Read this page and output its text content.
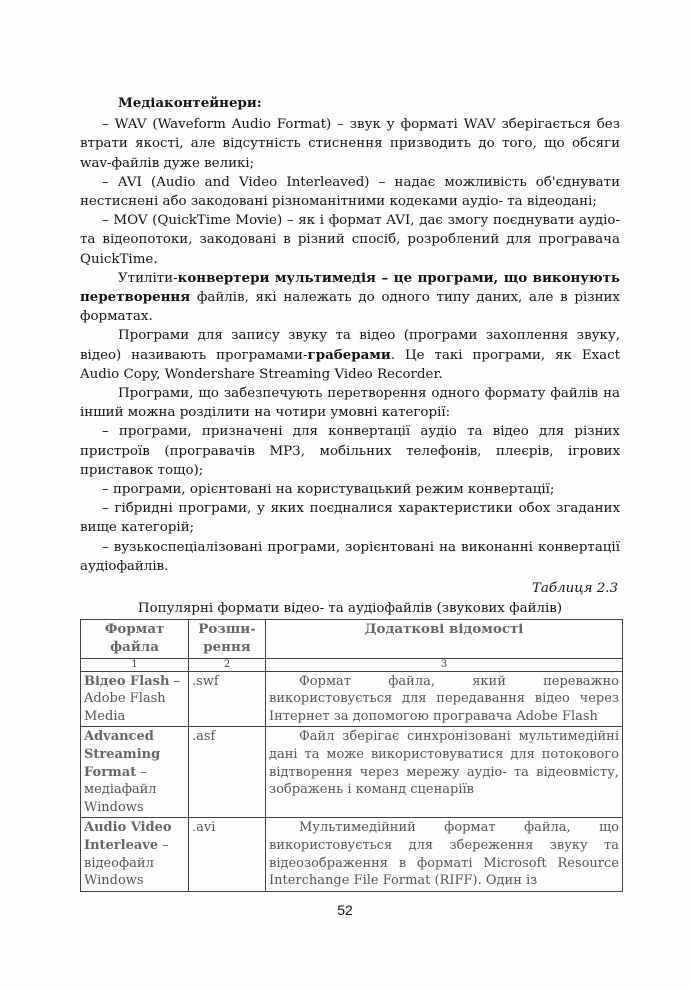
Медіаконтейнери:

– WAV (Waveform Audio Format) – звук у форматі WAV зберігається без втрати якості, але відсутність стиснення призводить до того, що обсяги wav-файлів дуже великі;

– AVI (Audio and Video Interleaved) – надає можливість об'єднувати нестиснені або закодовані різноманітними кодеками аудіо- та відеодані;

– MOV (QuickTime Movie) – як і формат AVI, дає змогу поєднувати аудіо- та відеопотоки, закодовані в різний спосіб, розроблений для програвача QuickTime.

Утиліти-конвертери мультимедія – це програми, що виконують перетворення файлів, які належать до одного типу даних, але в різних форматах.

Програми для запису звуку та відео (програми захоплення звуку, відео) називають програмами-граберами. Це такі програми, як Exact Audio Copy, Wondershare Streaming Video Recorder.

Програми, що забезпечують перетворення одного формату файлів на інший можна розділити на чотири умовні категорії:

– програми, призначені для конвертації аудіо та відео для різних пристроїв (програвачів МР3, мобільних телефонів, плеєрів, ігрових приставок тощо);

– програми, орієнтовані на користувацький режим конвертації;

– гібридні програми, у яких поєдналися характеристики обох згаданих вище категорій;

– вузькоспеціалізовані програми, зорієнтовані на виконанні конвертації аудіофайлів.

Таблиця 2.3

Популярні формати відео- та аудіофайлів (звукових файлів)

Формат файла	Розши-рення	Додаткові відомості
1	2	3
Відео Flash – Adobe Flash Media	.swf	Формат файла, який переважно використовується для передавання відео через Інтернет за допомогою програвача Adobe Flash
Advanced Streaming Format – медіафайл Windows	.asf	Файл зберігає синхронізовані мультимедійні дані та може використовуватися для потокового відтворення через мережу аудіо- та відеовмісту, зображень і команд сценаріїв
Audio Video Interleave – відеофайл Windows	.avi	Мультимедійний формат файла, що використовується для збереження звуку та відеозображення в форматі Microsoft Resource Interchange File Format (RIFF). Один із
52
